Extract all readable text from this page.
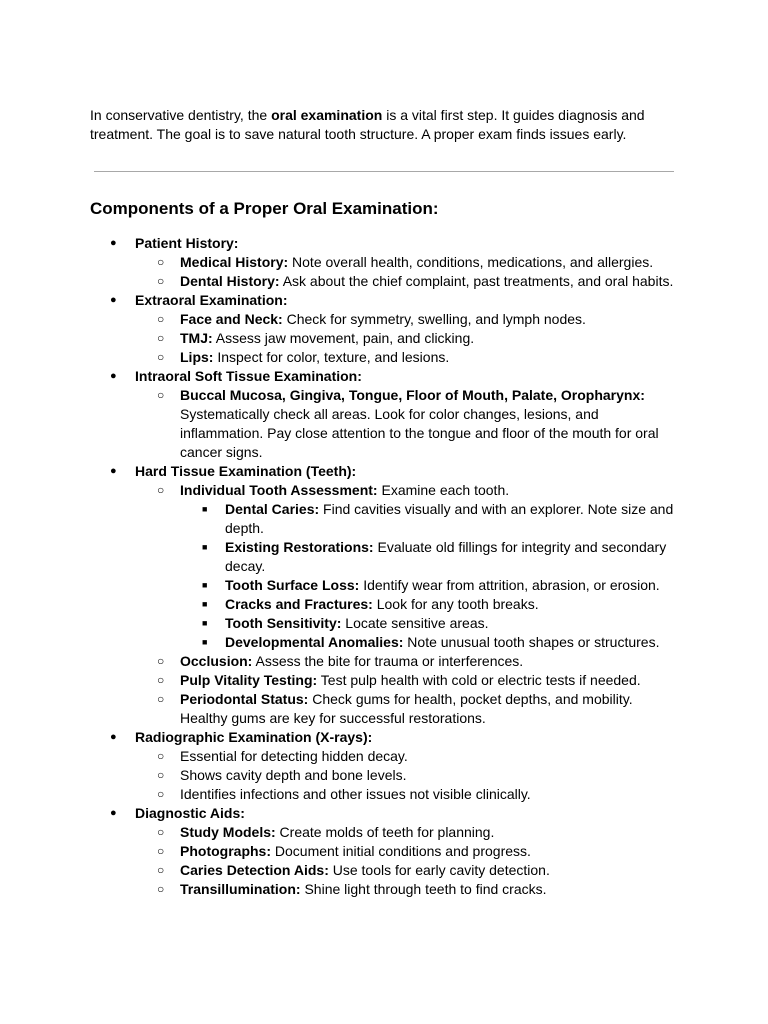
In conservative dentistry, the oral examination is a vital first step. It guides diagnosis and treatment. The goal is to save natural tooth structure. A proper exam finds issues early.

Components of a Proper Oral Examination:
● Patient History:
○ Medical History: Note overall health, conditions, medications, and allergies.
○ Dental History: Ask about the chief complaint, past treatments, and oral habits.
● Extraoral Examination:
○ Face and Neck: Check for symmetry, swelling, and lymph nodes.
○ TMJ: Assess jaw movement, pain, and clicking.
○ Lips: Inspect for color, texture, and lesions.
● Intraoral Soft Tissue Examination:
○ Buccal Mucosa, Gingiva, Tongue, Floor of Mouth, Palate, Oropharynx: Systematically check all areas. Look for color changes, lesions, and inflammation. Pay close attention to the tongue and floor of the mouth for oral cancer signs.
● Hard Tissue Examination (Teeth):
○ Individual Tooth Assessment: Examine each tooth.
■ Dental Caries: Find cavities visually and with an explorer. Note size and depth.
■ Existing Restorations: Evaluate old fillings for integrity and secondary decay.
■ Tooth Surface Loss: Identify wear from attrition, abrasion, or erosion.
■ Cracks and Fractures: Look for any tooth breaks.
■ Tooth Sensitivity: Locate sensitive areas.
■ Developmental Anomalies: Note unusual tooth shapes or structures.
○ Occlusion: Assess the bite for trauma or interferences.
○ Pulp Vitality Testing: Test pulp health with cold or electric tests if needed.
○ Periodontal Status: Check gums for health, pocket depths, and mobility. Healthy gums are key for successful restorations.
● Radiographic Examination (X-rays):
○ Essential for detecting hidden decay.
○ Shows cavity depth and bone levels.
○ Identifies infections and other issues not visible clinically.
● Diagnostic Aids:
○ Study Models: Create molds of teeth for planning.
○ Photographs: Document initial conditions and progress.
○ Caries Detection Aids: Use tools for early cavity detection.
○ Transillumination: Shine light through teeth to find cracks.
